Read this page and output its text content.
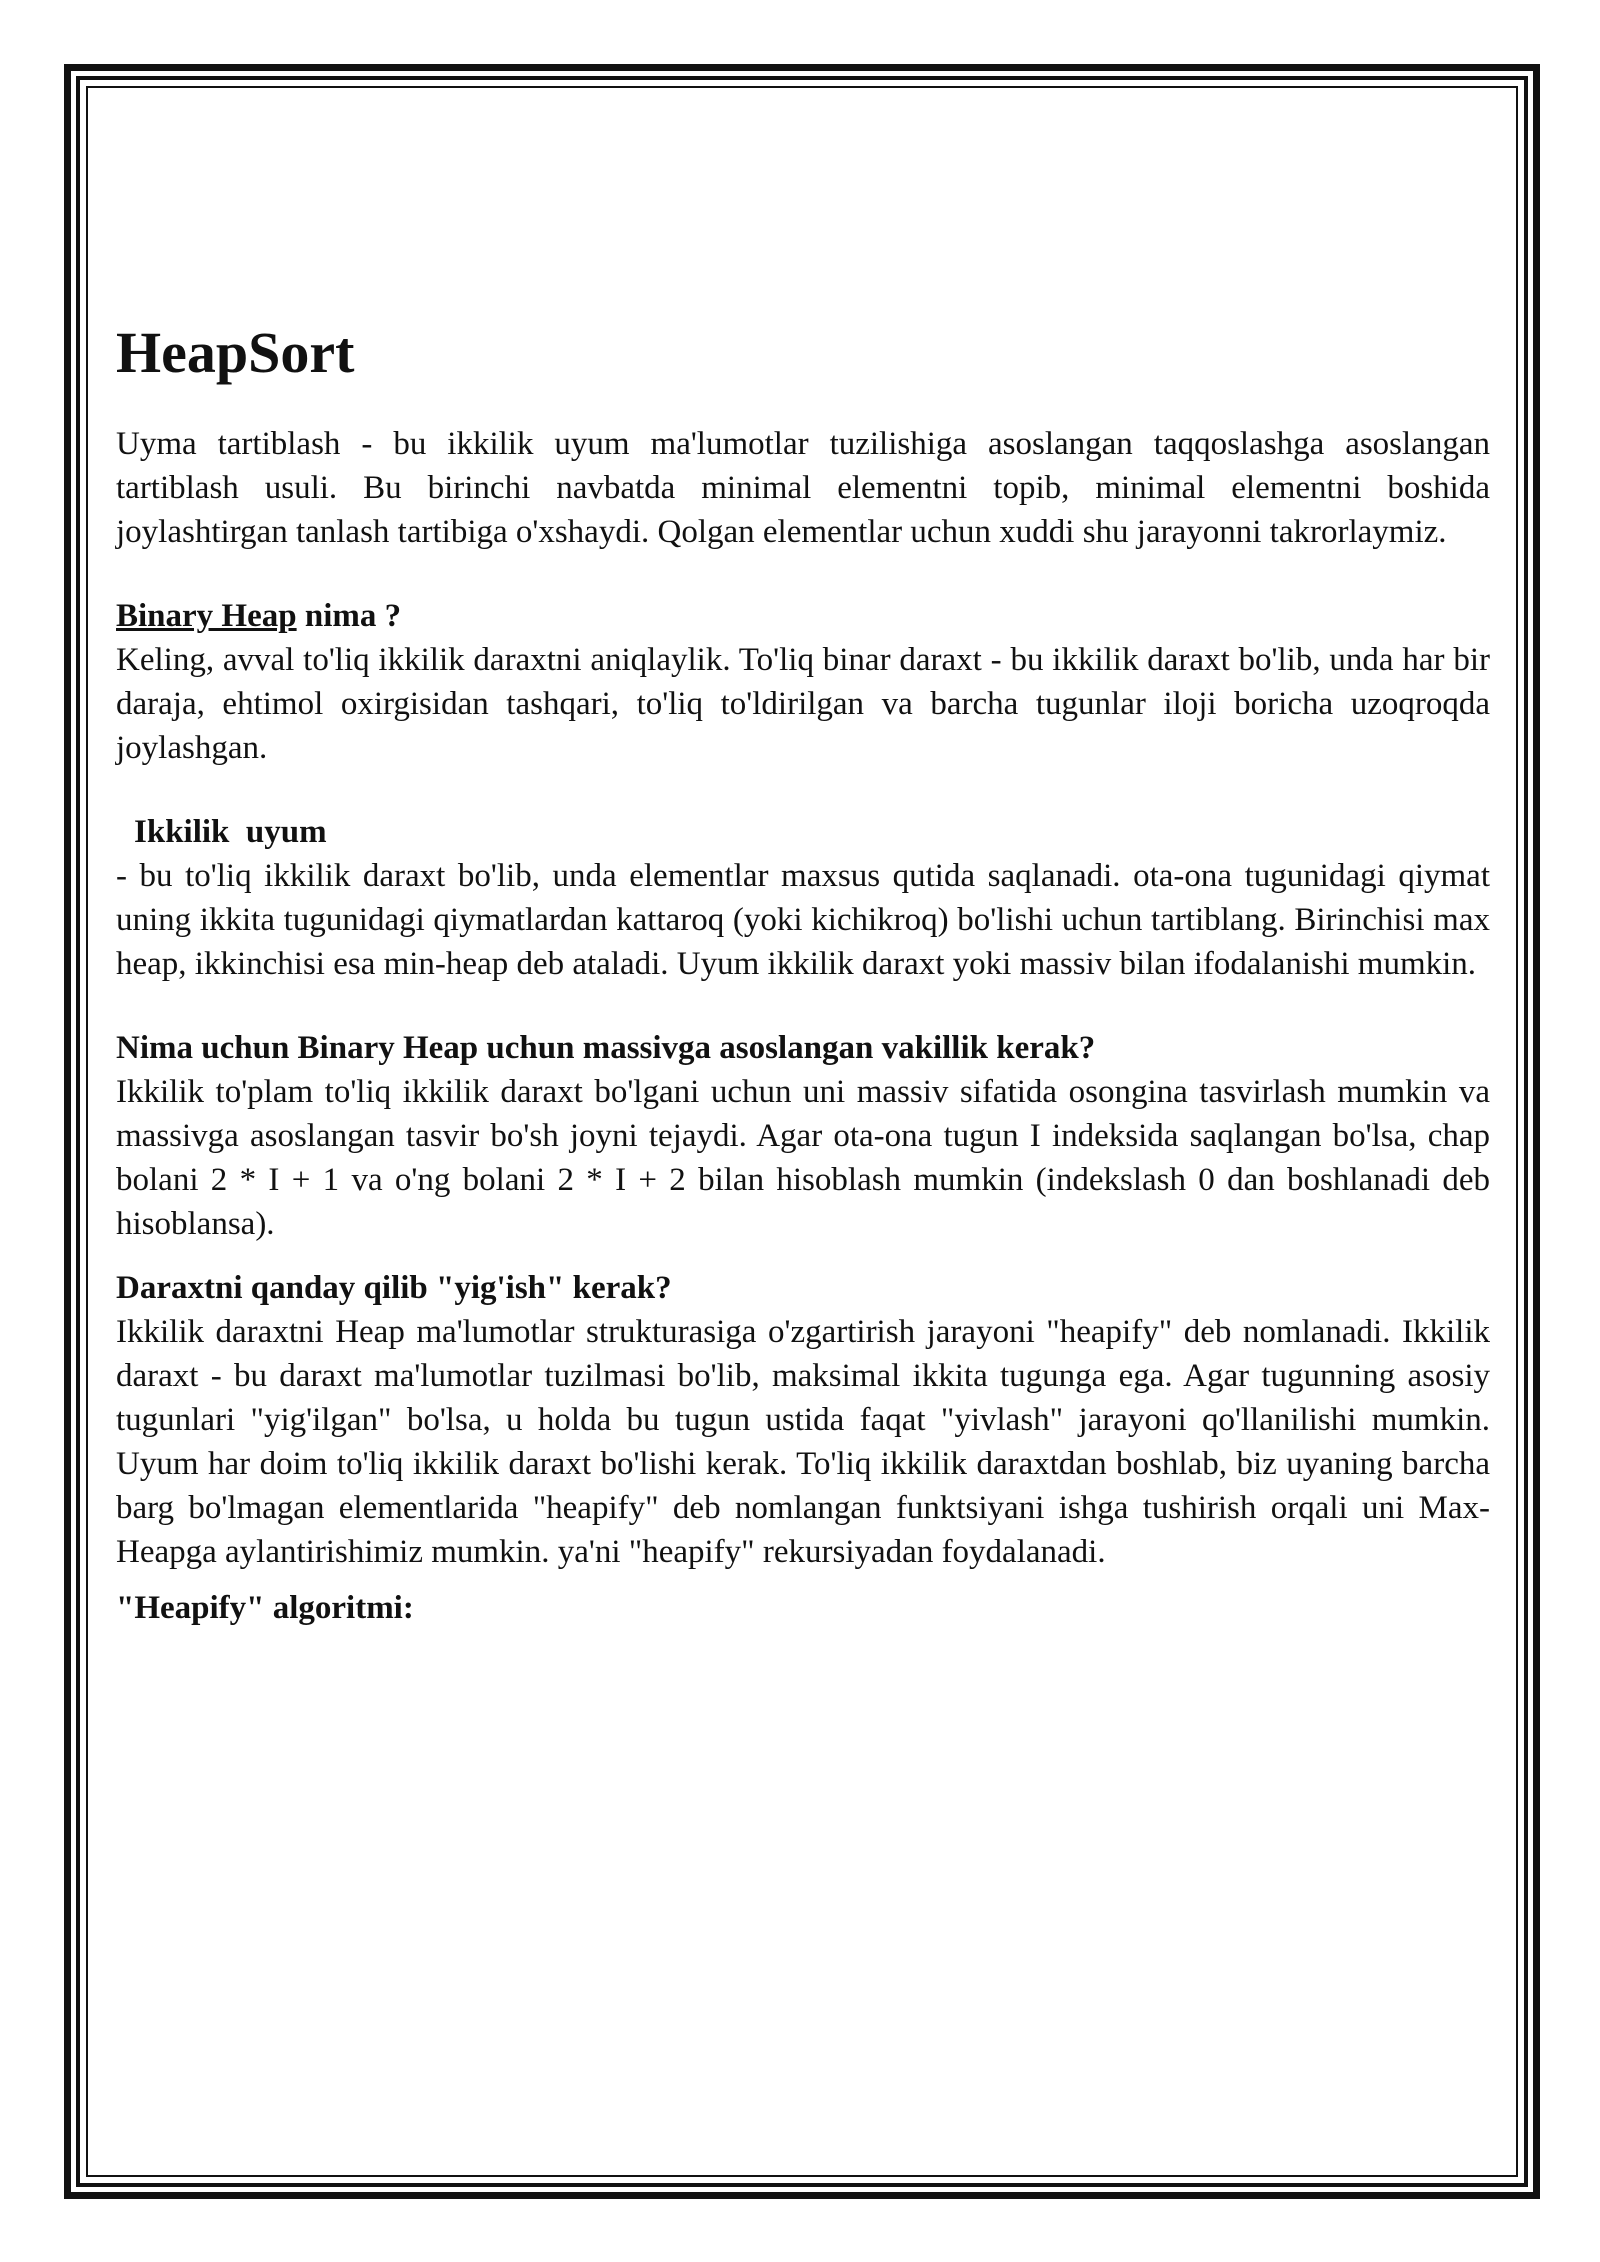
HeapSort

Uyma tartiblash - bu ikkilik uyum ma'lumotlar tuzilishiga asoslangan taqqoslashga asoslangan tartiblash usuli. Bu birinchi navbatda minimal elementni topib, minimal elementni boshida joylashtirgan tanlash tartibiga o'xshaydi. Qolgan elementlar uchun xuddi shu jarayonni takrorlaymiz.

Binary Heap nima ?

Keling, avval to'liq ikkilik daraxtni aniqlaylik. To'liq binar daraxt - bu ikkilik daraxt bo'lib, unda har bir daraja, ehtimol oxirgisidan tashqari, to'liq to'ldirilgan va barcha tugunlar iloji boricha uzoqroqda joylashgan.

Ikkilik  uyum

- bu to'liq ikkilik daraxt bo'lib, unda elementlar maxsus qutida saqlanadi. ota-ona tugunidagi qiymat uning ikkita tugunidagi qiymatlardan kattaroq (yoki kichikroq) bo'lishi uchun tartiblang. Birinchisi max heap, ikkinchisi esa min-heap deb ataladi. Uyum ikkilik daraxt yoki massiv bilan ifodalanishi mumkin.

Nima uchun Binary Heap uchun massivga asoslangan vakillik kerak?

Ikkilik to'plam to'liq ikkilik daraxt bo'lgani uchun uni massiv sifatida osongina tasvirlash mumkin va massivga asoslangan tasvir bo'sh joyni tejaydi. Agar ota-ona tugun I indeksida saqlangan bo'lsa, chap bolani 2 * I + 1 va o'ng bolani 2 * I + 2 bilan hisoblash mumkin (indekslash 0 dan boshlanadi deb hisoblansa).

Daraxtni qanday qilib "yig'ish" kerak?

Ikkilik daraxtni Heap ma'lumotlar strukturasiga o'zgartirish jarayoni "heapify" deb nomlanadi. Ikkilik daraxt - bu daraxt ma'lumotlar tuzilmasi bo'lib, maksimal ikkita tugunga ega. Agar tugunning asosiy tugunlari "yig'ilgan" bo'lsa, u holda bu tugun ustida faqat "yivlash" jarayoni qo'llanilishi mumkin. Uyum har doim to'liq ikkilik daraxt bo'lishi kerak. To'liq ikkilik daraxtdan boshlab, biz uyaning barcha barg bo'lmagan elementlarida "heapify" deb nomlangan funktsiyani ishga tushirish orqali uni Max-Heapga aylantirishimiz mumkin. ya'ni "heapify" rekursiyadan foydalanadi.

"Heapify" algoritmi:
